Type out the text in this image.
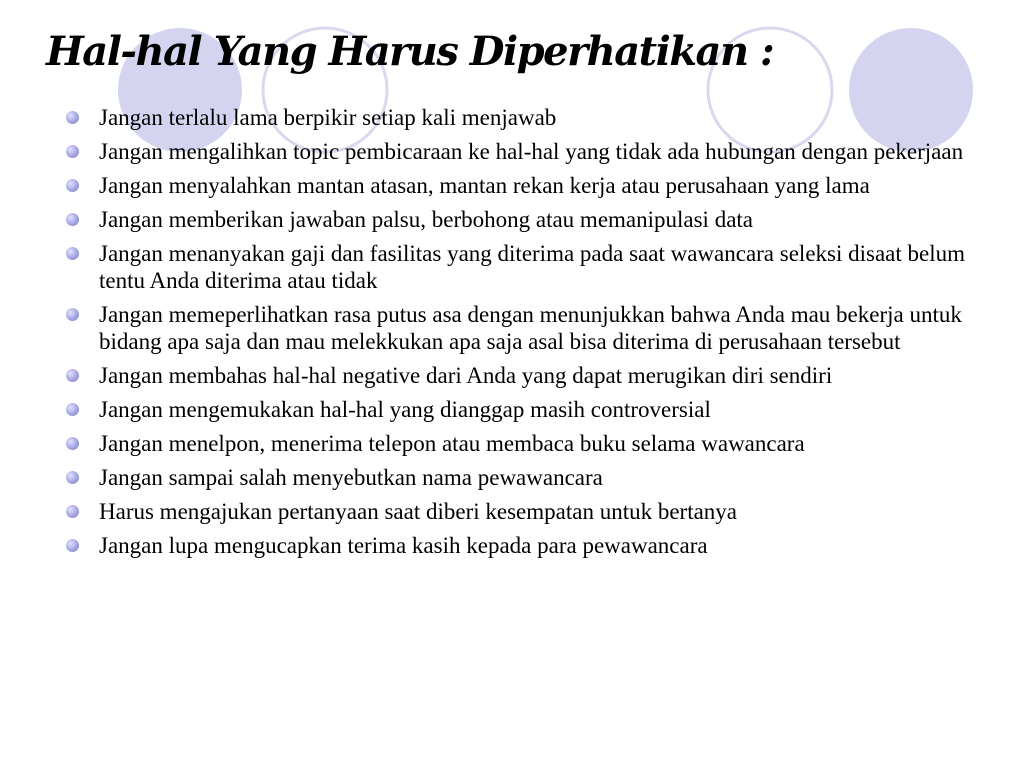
Hal-hal Yang Harus Diperhatikan :
Jangan terlalu lama berpikir setiap kali menjawab
Jangan mengalihkan topic pembicaraan ke hal-hal yang tidak ada hubungan dengan pekerjaan
Jangan menyalahkan mantan atasan, mantan rekan kerja atau perusahaan yang lama
Jangan memberikan jawaban palsu, berbohong atau memanipulasi data
Jangan menanyakan gaji dan fasilitas yang diterima pada saat wawancara seleksi disaat belum tentu Anda diterima atau tidak
Jangan memeperlihatkan rasa putus asa dengan menunjukkan bahwa Anda mau bekerja untuk bidang apa saja dan mau melekkukan apa saja asal bisa diterima di perusahaan tersebut
Jangan membahas hal-hal negative dari Anda yang dapat merugikan diri sendiri
Jangan mengemukakan hal-hal yang dianggap masih controversial
Jangan menelpon, menerima telepon atau membaca buku selama wawancara
Jangan sampai salah menyebutkan nama pewawancara
Harus mengajukan pertanyaan saat diberi kesempatan untuk bertanya
Jangan lupa mengucapkan terima kasih kepada para pewawancara
